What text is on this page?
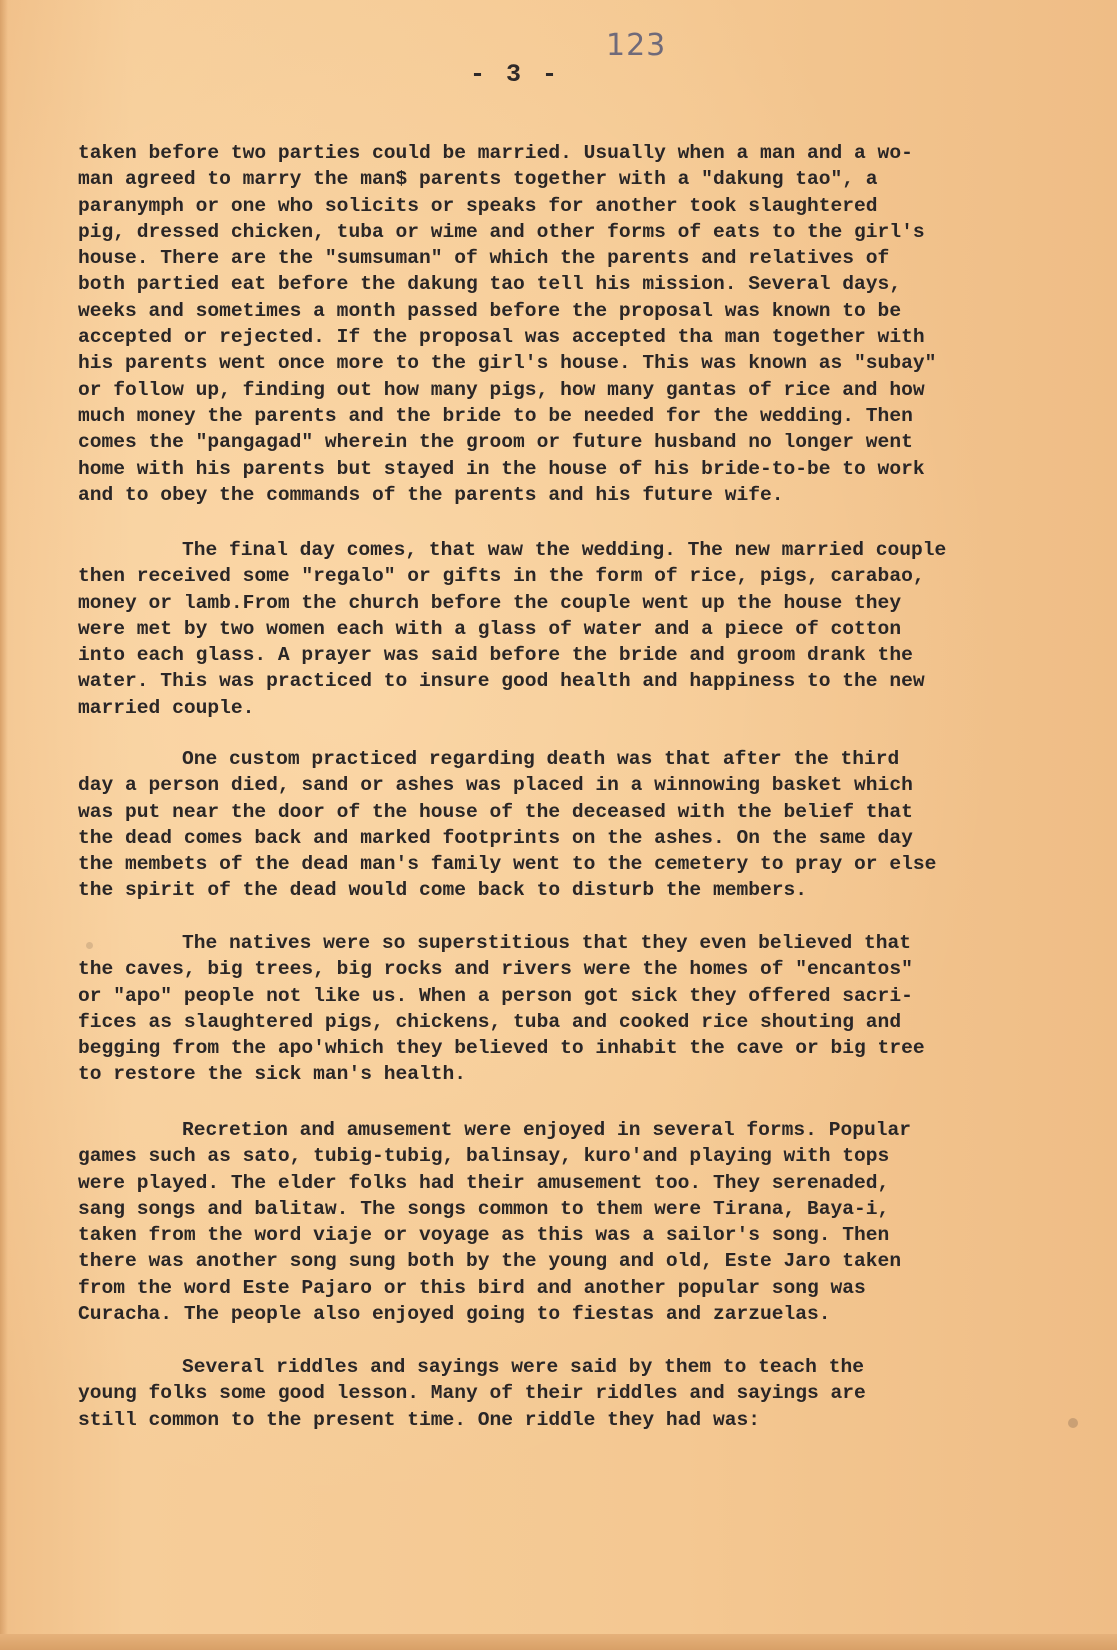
123
- 3 -
taken before two parties could be married. Usually when a man and a wo-
man agreed to marry the man$ parents together with a "dakung tao", a
paranymph or one who solicits or speaks for another took slaughtered
pig, dressed chicken, tuba or wime and other forms of eats to the girl's
house. There are the "sumsuman" of which the parents and relatives of
both partied eat before the dakung tao tell his mission. Several days,
weeks and sometimes a month passed before the proposal was known to be
accepted or rejected. If the proposal was accepted tha man together with
his parents went once more to the girl's house. This was known as "subay"
or follow up, finding out how many pigs, how many gantas of rice and how
much money the parents and the bride to be needed for the wedding. Then
comes the "pangagad" wherein the groom or future husband no longer went
home with his parents but stayed in the house of his bride-to-be to work
and to obey the commands of the parents and his future wife.
The final day comes, that waw the wedding. The new married couple
then received some "regalo" or gifts in the form of rice, pigs, carabao,
money or lamb.From the church before the couple went up the house they
were met by two women each with a glass of water and a piece of cotton
into each glass. A prayer was said before the bride and groom drank the
water. This was practiced to insure good health and happiness to the new
married couple.
One custom practiced regarding death was that after the third
day a person died, sand or ashes was placed in a winnowing basket which
was put near the door of the house of the deceased with the belief that
the dead comes back and marked footprints on the ashes. On the same day
the membets of the dead man's family went to the cemetery to pray or else
the spirit of the dead would come back to disturb the members.
The natives were so superstitious that they even believed that
the caves, big trees, big rocks and rivers were the homes of "encantos"
or "apo" people not like us. When a person got sick they offered sacri-
fices as slaughtered pigs, chickens, tuba and cooked rice shouting and
begging from the apo'which they believed to inhabit the cave or big tree
to restore the sick man's health.
Recretion and amusement were enjoyed in several forms. Popular
games such as sato, tubig-tubig, balinsay, kuro'and playing with tops
were played. The elder folks had their amusement too. They serenaded,
sang songs and balitaw. The songs common to them were Tirana, Baya-i,
taken from the word viaje or voyage as this was a sailor's song. Then
there was another song sung both by the young and old, Este Jaro taken
from the word Este Pajaro or this bird and another popular song was
Curacha. The people also enjoyed going to fiestas and zarzuelas.
Several riddles and sayings were said by them to teach the
young folks some good lesson. Many of their riddles and sayings are
still common to the present time. One riddle they had was:
